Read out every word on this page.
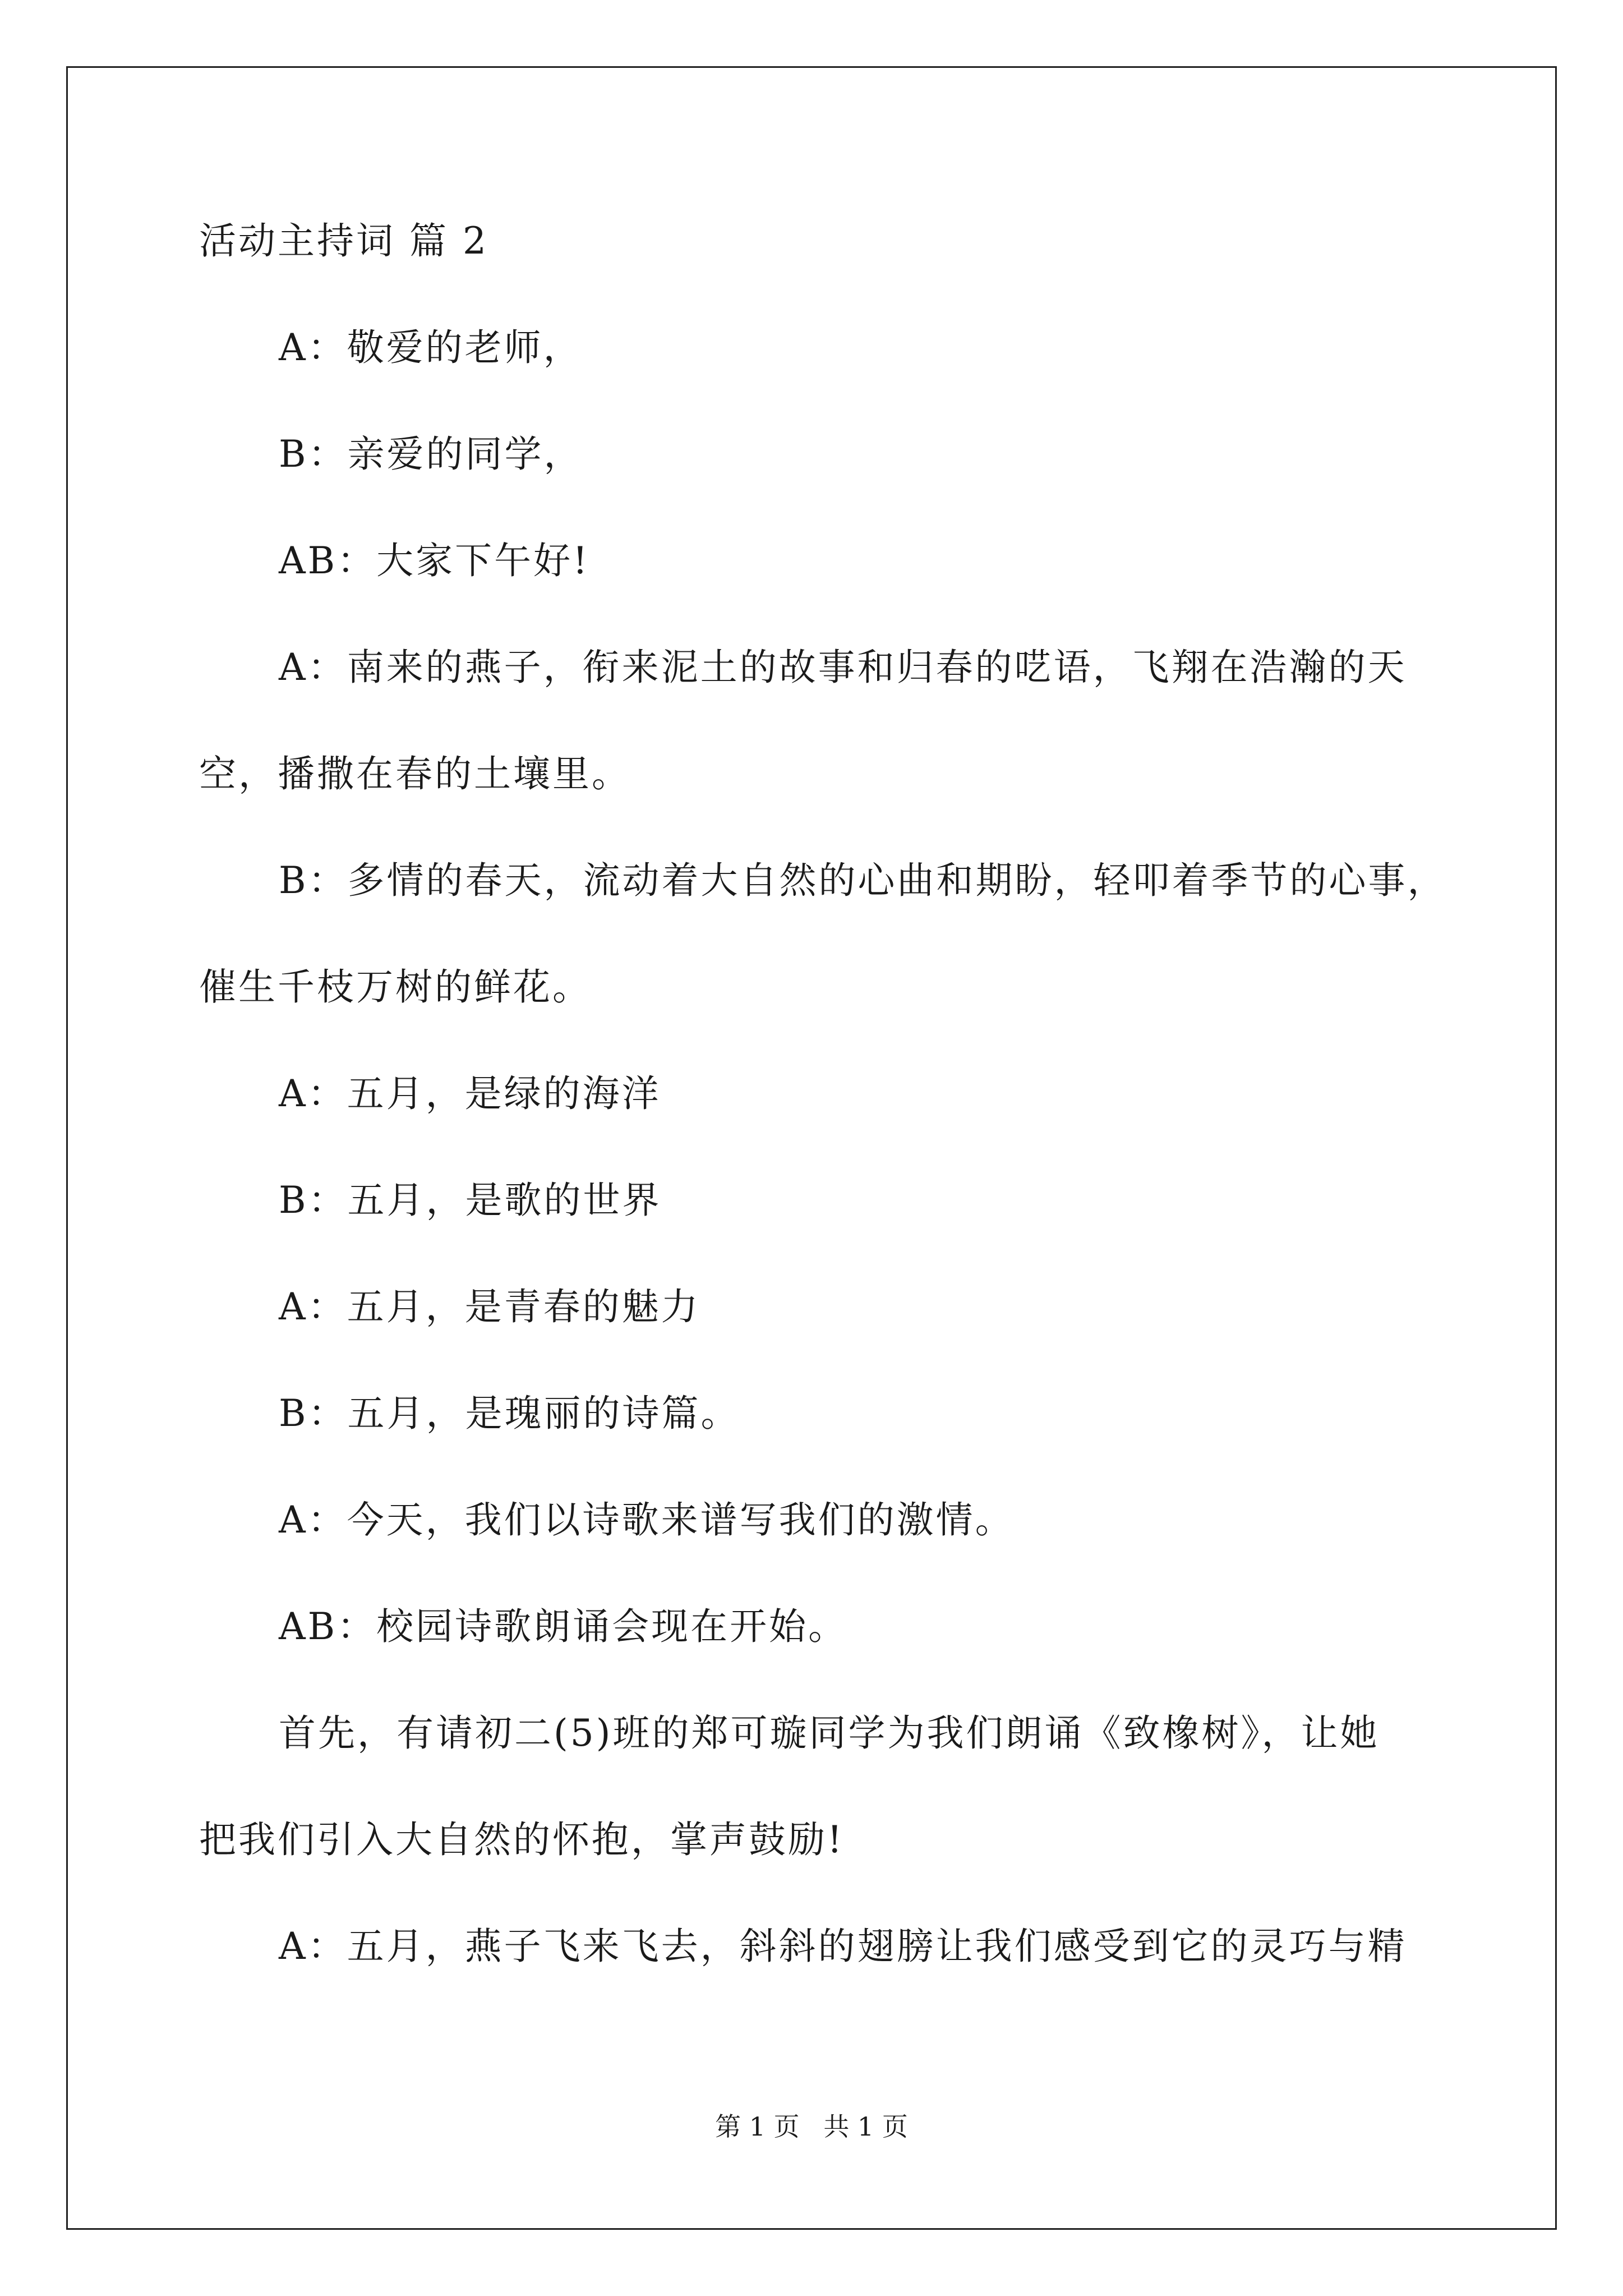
活动主持词 篇 2
A：敬爱的老师，
B：亲爱的同学，
AB：大家下午好!
A：南来的燕子，衔来泥土的故事和归春的呓语，飞翔在浩瀚的天
空，播撒在春的土壤里。
B：多情的春天，流动着大自然的心曲和期盼，轻叩着季节的心事，
催生千枝万树的鲜花。
A：五月，是绿的海洋
B：五月，是歌的世界
A：五月，是青春的魅力
B：五月，是瑰丽的诗篇。
A：今天，我们以诗歌来谱写我们的激情。
AB：校园诗歌朗诵会现在开始。
首先，有请初二(5)班的郑可璇同学为我们朗诵《致橡树》，让她
把我们引入大自然的怀抱，掌声鼓励!
A：五月，燕子飞来飞去，斜斜的翅膀让我们感受到它的灵巧与精
第 1 页 共 1 页
